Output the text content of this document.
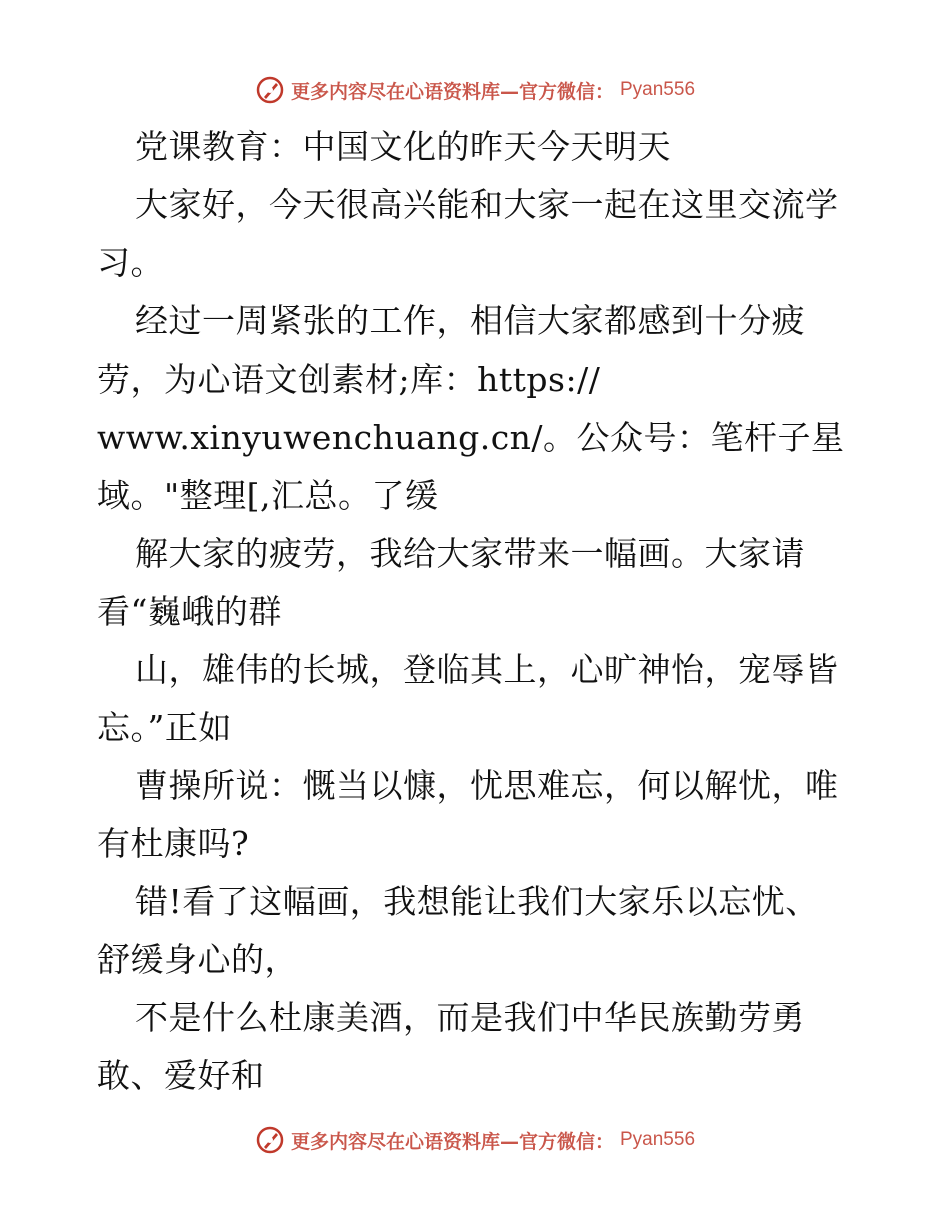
更多内容尽在心语资料库—官方微信： Pyan556
党课教育：中国文化的昨天今天明天
大家好，今天很高兴能和大家一起在这里交流学
习。
经过一周紧张的工作，相信大家都感到十分疲
劳，为心语文创素材;库：https://
www.xinyuwenchuang.cn/。公众号：笔杆子星
域。"整理[,汇总。了缓
解大家的疲劳，我给大家带来一幅画。大家请
看“巍峨的群
山，雄伟的长城，登临其上，心旷神怡，宠辱皆
忘。”正如
曹操所说：慨当以慷，忧思难忘，何以解忧，唯
有杜康吗?
错!看了这幅画，我想能让我们大家乐以忘忧、
舒缓身心的，
不是什么杜康美酒，而是我们中华民族勤劳勇
敢、爱好和
更多内容尽在心语资料库—官方微信： Pyan556
